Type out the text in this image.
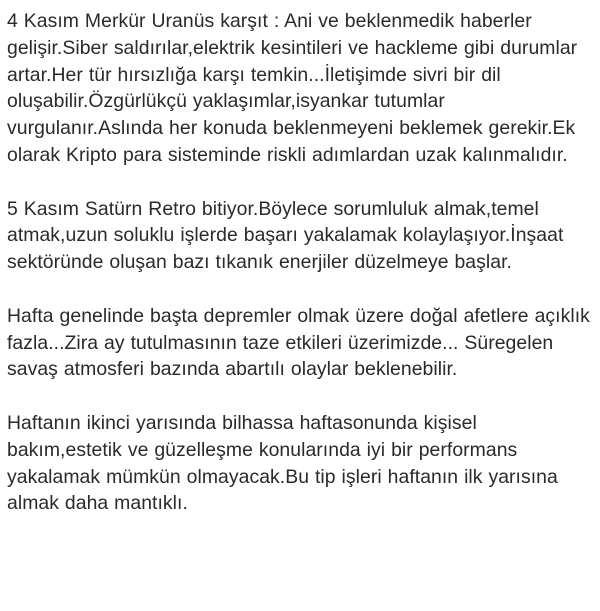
4 Kasım Merkür Uranüs karşıt : Ani ve beklenmedik haberler gelişir.Siber saldırılar,elektrik kesintileri ve hackleme gibi durumlar artar.Her tür hırsızlığa karşı temkin...İletişimde sivri bir dil oluşabilir.Özgürlükçü yaklaşımlar,isyankar tutumlar vurgulanır.Aslında her konuda beklenmeyeni beklemek gerekir.Ek olarak Kripto para sisteminde riskli adımlardan uzak kalınmalıdır.

5 Kasım Satürn Retro bitiyor.Böylece sorumluluk almak,temel atmak,uzun soluklu işlerde başarı yakalamak kolaylaşıyor.İnşaat sektöründe oluşan bazı tıkanık enerjiler düzelmeye başlar.

Hafta genelinde başta depremler olmak üzere doğal afetlere açıklık fazla...Zira ay tutulmasının taze etkileri üzerimizde... Süregelen savaş atmosferi bazında abartılı olaylar beklenebilir.

Haftanın ikinci yarısında bilhassa haftasonunda kişisel bakım,estetik ve güzelleşme konularında iyi bir performans yakalamak mümkün olmayacak.Bu tip işleri haftanın ilk yarısına almak daha mantıklı.
